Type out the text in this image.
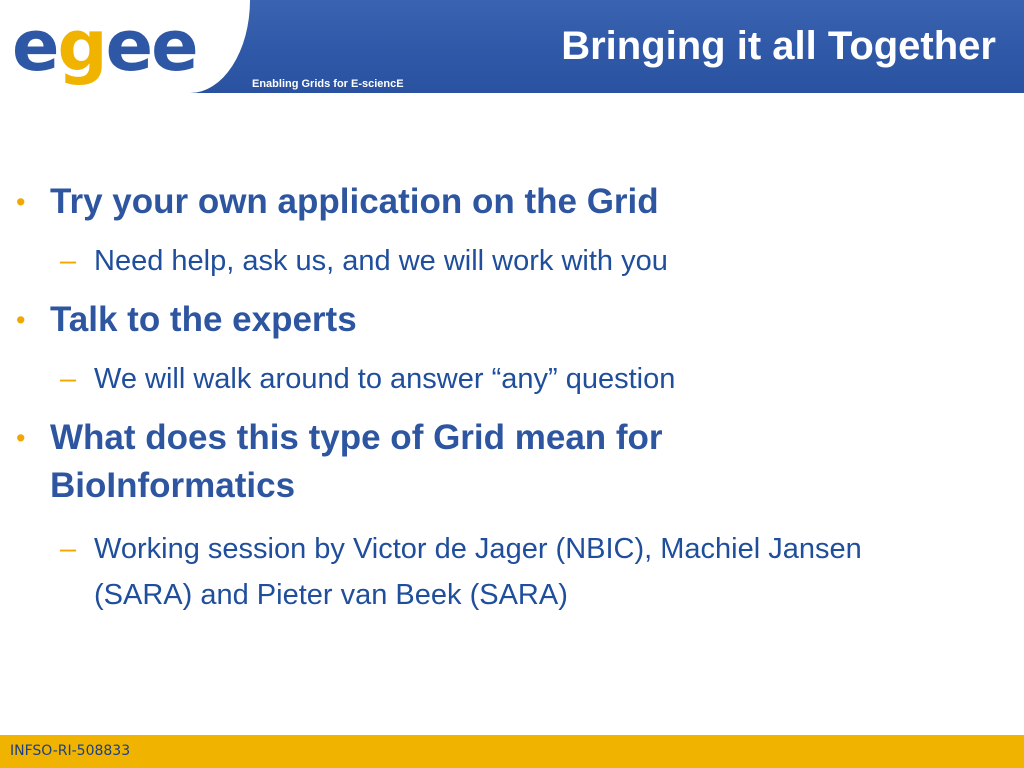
egee	Bringing it all Together
Enabling Grids for E-sciencE
• Try your own application on the Grid
– Need help, ask us, and we will work with you
• Talk to the experts
– We will walk around to answer “any” question
• What does this type of Grid mean for BioInformatics
– Working session by Victor de Jager (NBIC), Machiel Jansen (SARA) and Pieter van Beek (SARA)
INFSO-RI-508833
